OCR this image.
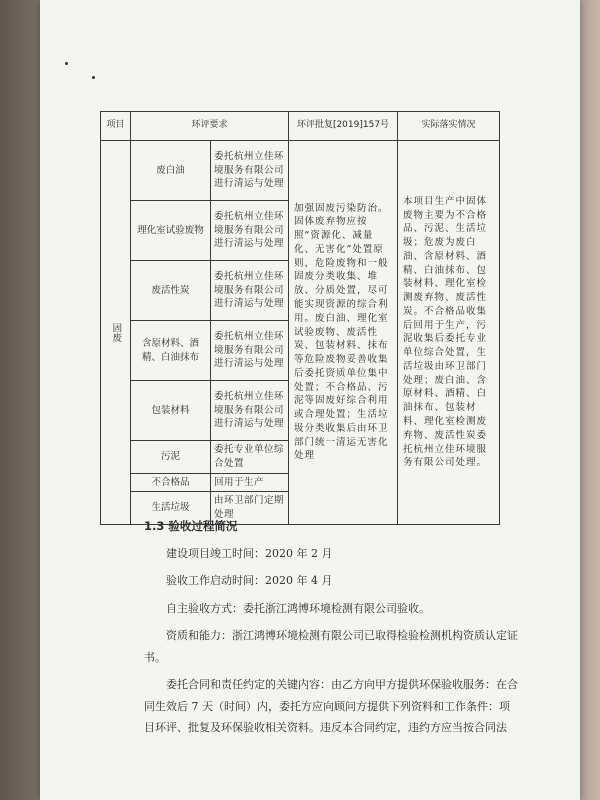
项目	环评要求		环评批复[2019]157号	实际落实情况
固废	废白油	委托杭州立佳环境服务有限公司进行清运与处理	加强固废污染防治。固体废弃物应按照“资源化、减量化、无害化”处置原则，危险废物和一般固废分类收集、堆放、分质处置，尽可能实现资源的综合利用。废白油、理化室试验废物、废活性炭、包装材料、抹布等危险废物妥善收集后委托资质单位集中处置；不合格品、污泥等固废好综合利用或合理处置；生活垃圾分类收集后由环卫部门统一清运无害化处理	本项目生产中固体废物主要为不合格品、污泥、生活垃圾；危废为废白油、含原材料、酒精、白油抹布、包装材料、理化室检测废弃物、废活性炭。不合格品收集后回用于生产，污泥收集后委托专业单位综合处置，生活垃圾由环卫部门处理；废白油、含原材料、酒精、白油抹布、包装材料、理化室检测废弃物、废活性炭委托杭州立佳环境服务有限公司处理。
	理化室试验废物	委托杭州立佳环境服务有限公司进行清运与处理		
	废活性炭	委托杭州立佳环境服务有限公司进行清运与处理		
	含原材料、酒精、白油抹布	委托杭州立佳环境服务有限公司进行清运与处理		
	包装材料	委托杭州立佳环境服务有限公司进行清运与处理		
	污泥	委托专业单位综合处置		
	不合格品	回用于生产		
	生活垃圾	由环卫部门定期处理		
1.3 验收过程简况

建设项目竣工时间：2020 年 2 月

验收工作启动时间：2020 年 4 月

自主验收方式：委托浙江鸿博环境检测有限公司验收。

资质和能力：浙江鸿博环境检测有限公司已取得检验检测机构资质认定证书。

委托合同和责任约定的关键内容：由乙方向甲方提供环保验收服务：在合同生效后 7 天（时间）内，委托方应向顾问方提供下列资料和工作条件：项目环评、批复及环保验收相关资料。违反本合同约定，违约方应当按合同法
